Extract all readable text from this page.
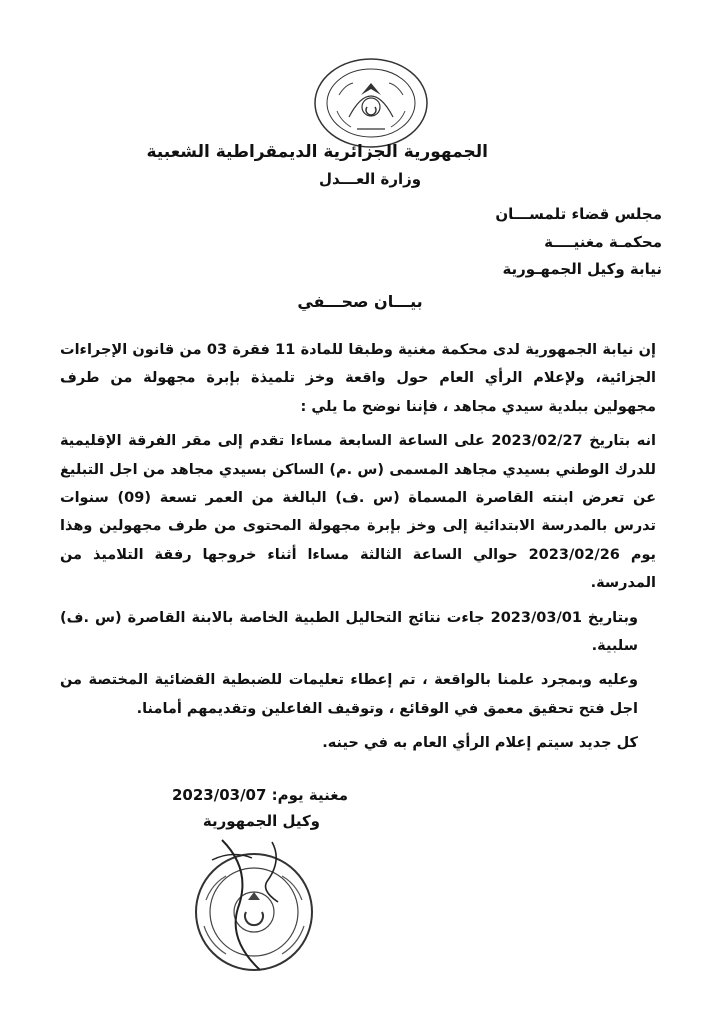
الجمهورية الجزائرية الديمقراطية الشعبية
وزارة العـــدل
مجلس قضاء تلمســـان
محكمـة مغنيــــة
نيابة وكيل الجمهـورية
بيـــان صحـــفي

إن نيابة الجمهورية لدى محكمة مغنية وطبقا للمادة 11 فقرة 03 من قانون الإجراءات الجزائية، ولإعلام الرأي العام حول واقعة وخز تلميذة بإبرة مجهولة من طرف مجهولين ببلدية سيدي مجاهد ، فإننا نوضح ما يلي :

انه بتاريخ 2023/02/27 على الساعة السابعة مساءا تقدم إلى مقر الفرقة الإقليمية للدرك الوطني بسيدي مجاهد المسمى (س .م) الساكن بسيدي مجاهد من اجل التبليغ عن تعرض ابنته القاصرة المسماة (س .ف) البالغة من العمر تسعة (09) سنوات تدرس بالمدرسة الابتدائية إلى وخز بإبرة مجهولة المحتوى من طرف مجهولين وهذا يوم 2023/02/26 حوالي الساعة الثالثة مساءا أثناء خروجها رفقة التلاميذ من المدرسة.

وبتاريخ 2023/03/01 جاءت نتائج التحاليل الطبية الخاصة بالابنة القاصرة (س .ف) سلبية.

وعليه وبمجرد علمنا بالواقعة ، تم إعطاء تعليمات للضبطية القضائية المختصة من اجل فتح تحقيق معمق في الوقائع ، وتوقيف الفاعلين وتقديمهم أمامنا.

كل جديد سيتم إعلام الرأي العام به في حينه.

مغنية يوم: 2023/03/07
وكيل الجمهورية
